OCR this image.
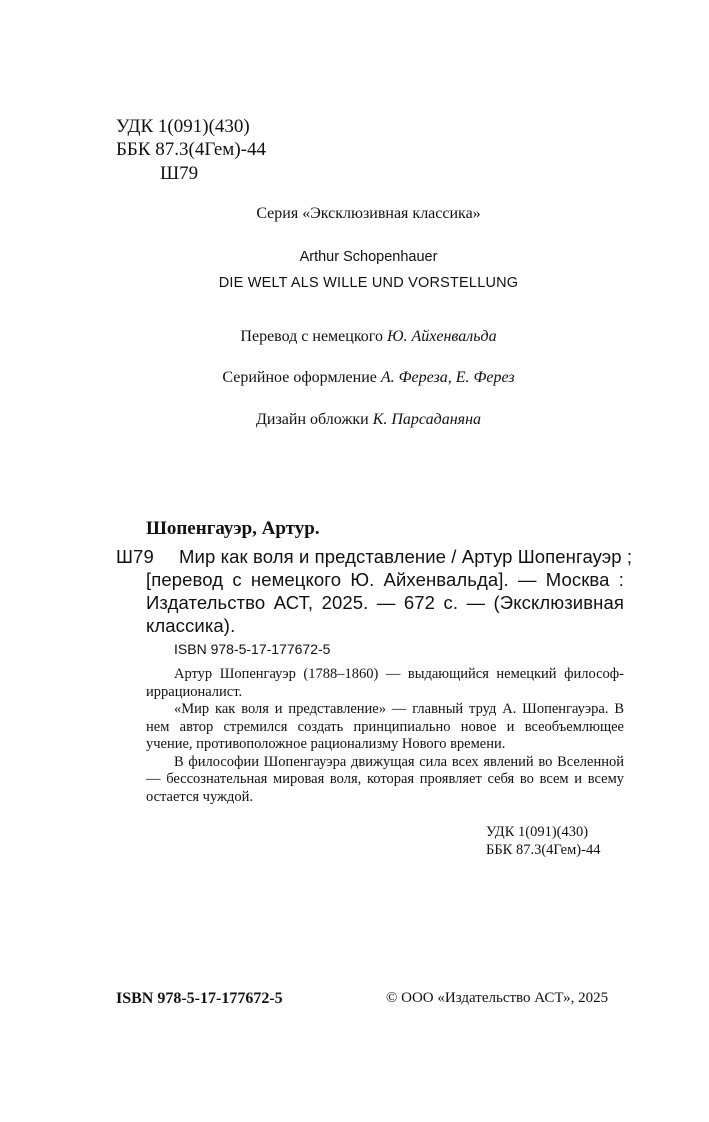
УДК 1(091)(430)
ББК 87.3(4Гем)-44
Ш79
Серия «Эксклюзивная классика»
Arthur Schopenhauer
DIE WELT ALS WILLE UND VORSTELLUNG
Перевод с немецкого Ю. Айхенвальда
Серийное оформление А. Фереза, Е. Ферез
Дизайн обложки К. Парсаданяна
Шопенгауэр, Артур.
Ш79 Мир как воля и представление / Артур Шопенгауэр ;
[перевод с немецкого Ю. Айхенвальда]. — Москва :
Издательство АСТ, 2025. — 672 с. — (Эксклюзивная
классика).
ISBN 978-5-17-177672-5

Артур Шопенгауэр (1788–1860) — выдающийся немецкий философ-иррационалист.

«Мир как воля и представление» — главный труд А. Шопенгауэра. В нем автор стремился создать принципиально новое и всеобъемлющее учение, противоположное рационализму Нового времени.

В философии Шопенгауэра движущая сила всех явлений во Вселенной — бессознательная мировая воля, которая проявляет себя во всем и всему остается чуждой.

УДК 1(091)(430)
ББК 87.3(4Гем)-44
ISBN 978-5-17-177672-5	© ООО «Издательство АСТ», 2025
